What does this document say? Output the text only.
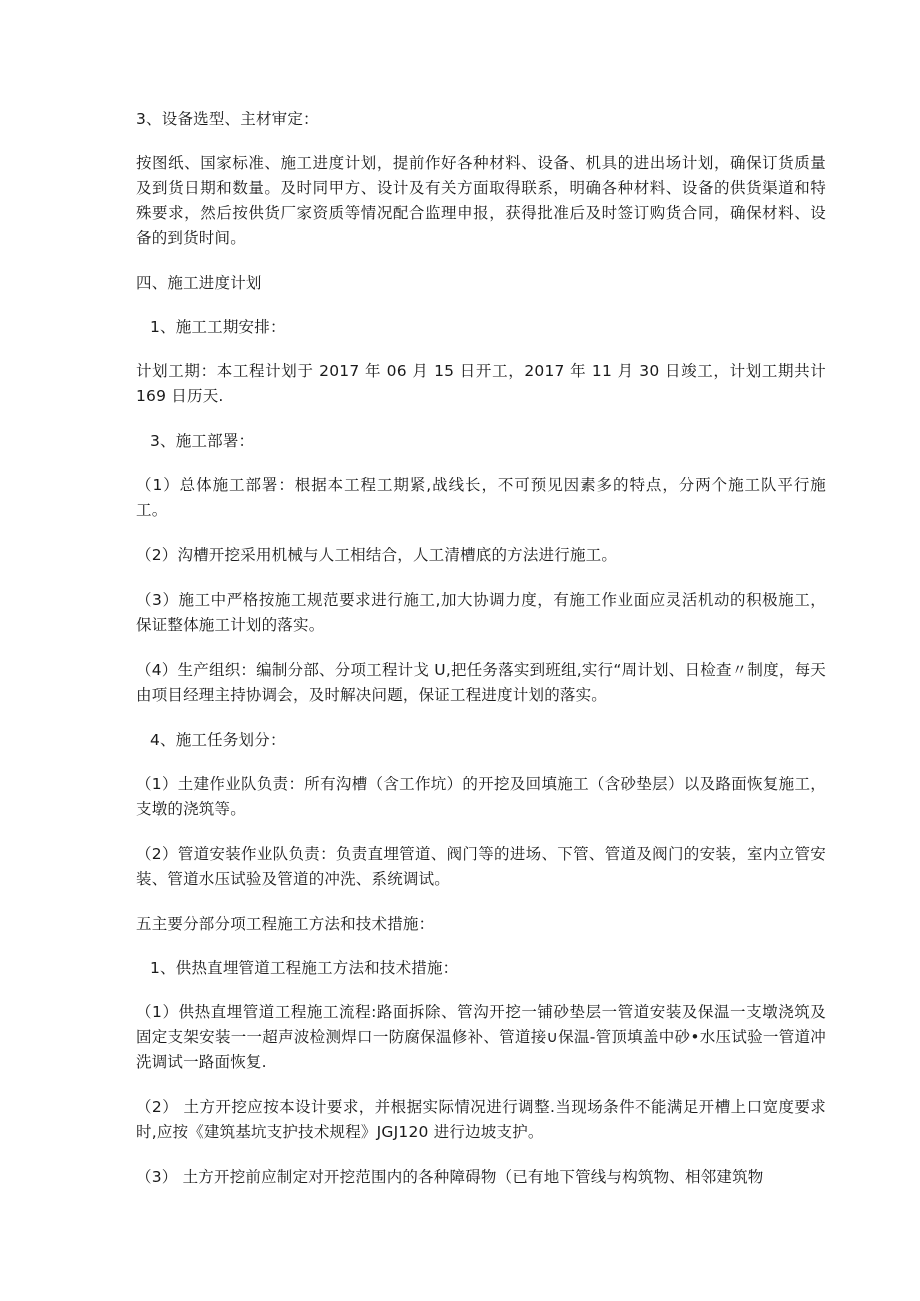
3、设备选型、主材审定：

按图纸、国家标准、施工进度计划，提前作好各种材料、设备、机具的进出场计划，确保订货质量及到货日期和数量。及时同甲方、设计及有关方面取得联系，明确各种材料、设备的供货渠道和特殊要求，然后按供货厂家资质等情况配合监理申报，获得批准后及时签订购货合同，确保材料、设备的到货时间。

四、施工进度计划

1、施工工期安排：

计划工期：本工程计划于 2017 年 06 月 15 日开工，2017 年 11 月 30 日竣工，计划工期共计 169 日历天.

3、施工部署：

（1）总体施工部署：根据本工程工期紧,战线长，不可预见因素多的特点，分两个施工队平行施工。

（2）沟槽开挖采用机械与人工相结合，人工清槽底的方法进行施工。

（3）施工中严格按施工规范要求进行施工,加大协调力度，有施工作业面应灵活机动的积极施工，保证整体施工计划的落实。

（4）生产组织：编制分部、分项工程计戈 U,把任务落实到班组,实行“周计划、日检查〃制度，每天由项目经理主持协调会，及时解决问题，保证工程进度计划的落实。

4、施工任务划分：

（1）土建作业队负责：所有沟槽（含工作坑）的开挖及回填施工（含砂垫层）以及路面恢复施工，支墩的浇筑等。

（2）管道安装作业队负责：负责直埋管道、阀门等的进场、下管、管道及阀门的安装，室内立管安装、管道水压试验及管道的冲洗、系统调试。

五主要分部分项工程施工方法和技术措施：

1、供热直埋管道工程施工方法和技术措施：

（1）供热直埋管道工程施工流程:路面拆除、管沟开挖一铺砂垫层一管道安装及保温一支墩浇筑及固定支架安装一一超声波检测焊口一防腐保温修补、管道接∪保温-管顶填盖中砂•水压试验一管道冲洗调试一路面恢复.

（2） 土方开挖应按本设计要求，并根据实际情况进行调整.当现场条件不能满足开槽上口宽度要求时,应按《建筑基坑支护技术规程》JGJ120 进行边坡支护。

（3） 土方开挖前应制定对开挖范围内的各种障碍物（已有地下管线与构筑物、相邻建筑物
